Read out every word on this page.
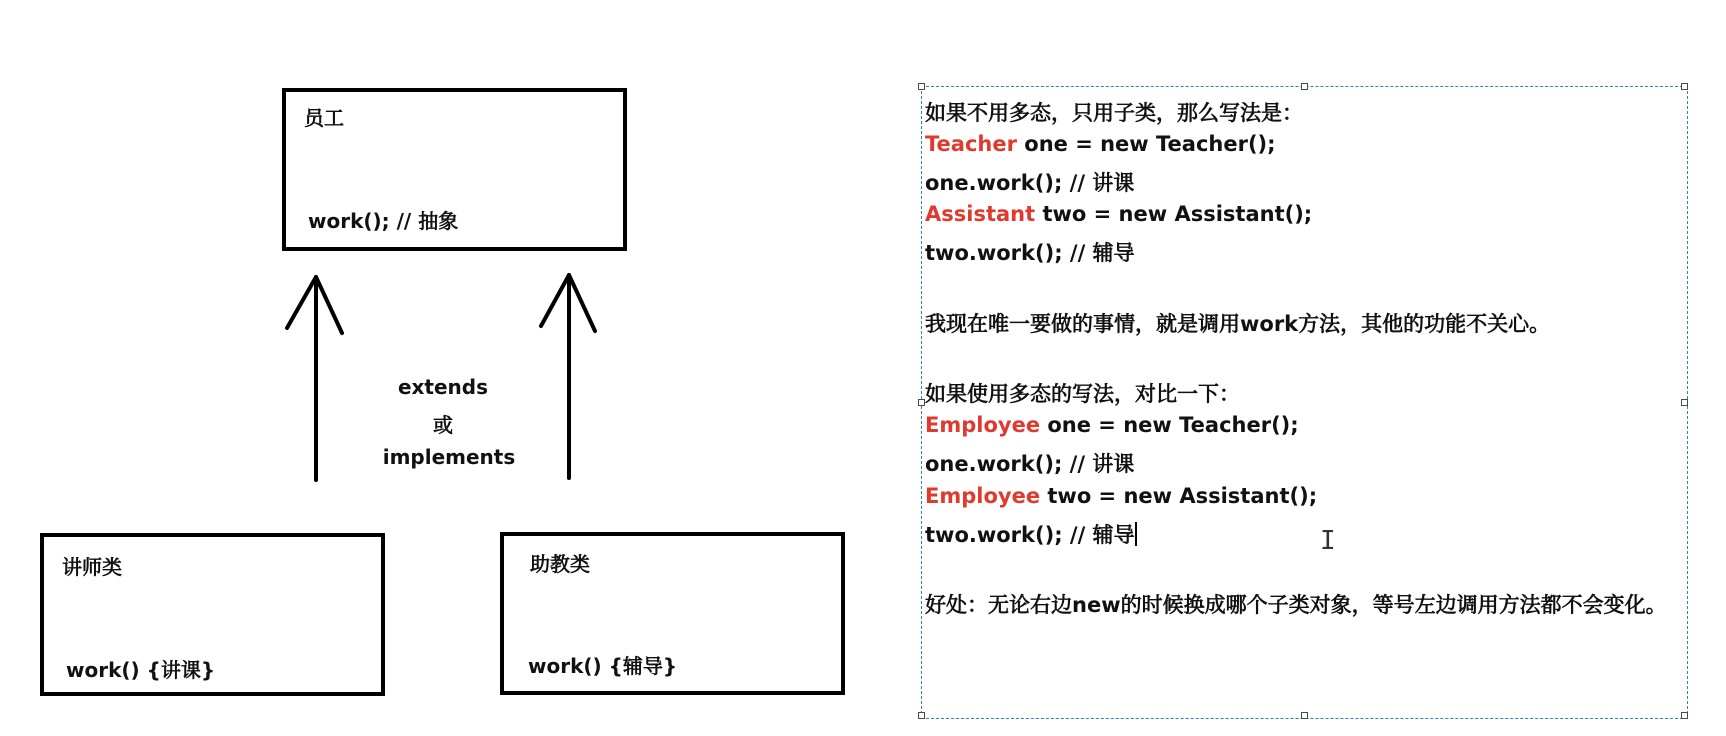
员工
work(); // 抽象
extends
或
implements
讲师类
work() {讲课}
助教类
work() {辅导}
如果不用多态，只用子类，那么写法是：
Teacher one = new Teacher();
one.work(); // 讲课
Assistant two = new Assistant();
two.work(); // 辅导
我现在唯一要做的事情，就是调用work方法，其他的功能不关心。
如果使用多态的写法，对比一下：
Employee one = new Teacher();
one.work(); // 讲课
Employee two = new Assistant();
two.work(); // 辅导
好处：无论右边new的时候换成哪个子类对象，等号左边调用方法都不会变化。
I
